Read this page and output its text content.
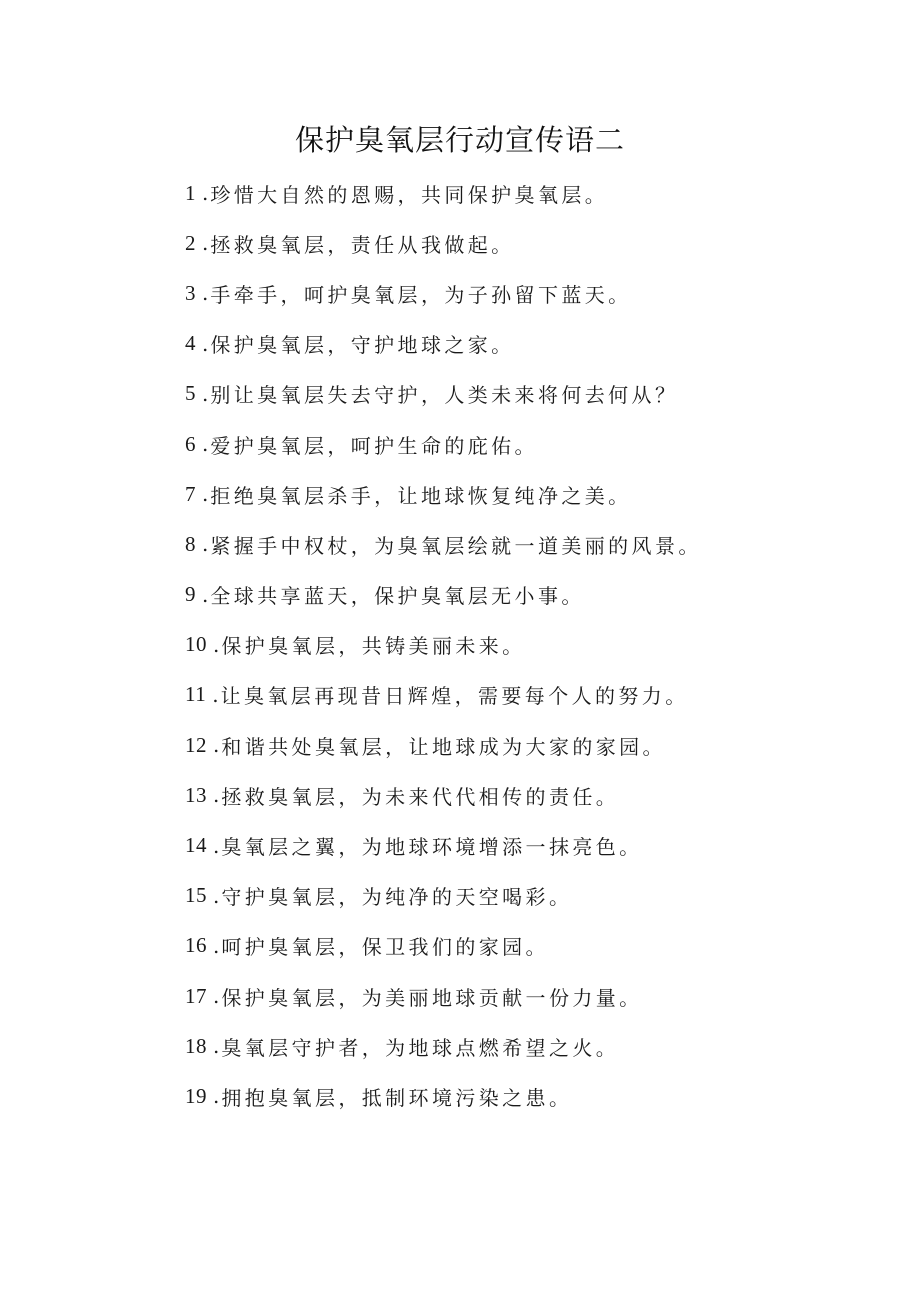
保护臭氧层行动宣传语二
1 . 珍惜大自然的恩赐，共同保护臭氧层。
2 . 拯救臭氧层，责任从我做起。
3 . 手牵手，呵护臭氧层，为子孙留下蓝天。
4 . 保护臭氧层，守护地球之家。
5 . 别让臭氧层失去守护，人类未来将何去何从？
6 . 爱护臭氧层，呵护生命的庇佑。
7 . 拒绝臭氧层杀手，让地球恢复纯净之美。
8 . 紧握手中权杖，为臭氧层绘就一道美丽的风景。
9 . 全球共享蓝天，保护臭氧层无小事。
10 . 保护臭氧层，共铸美丽未来。
11 . 让臭氧层再现昔日辉煌，需要每个人的努力。
12 . 和谐共处臭氧层，让地球成为大家的家园。
13 . 拯救臭氧层，为未来代代相传的责任。
14 . 臭氧层之翼，为地球环境增添一抹亮色。
15 . 守护臭氧层，为纯净的天空喝彩。
16 . 呵护臭氧层，保卫我们的家园。
17 . 保护臭氧层，为美丽地球贡献一份力量。
18 . 臭氧层守护者，为地球点燃希望之火。
19 . 拥抱臭氧层，抵制环境污染之患。
